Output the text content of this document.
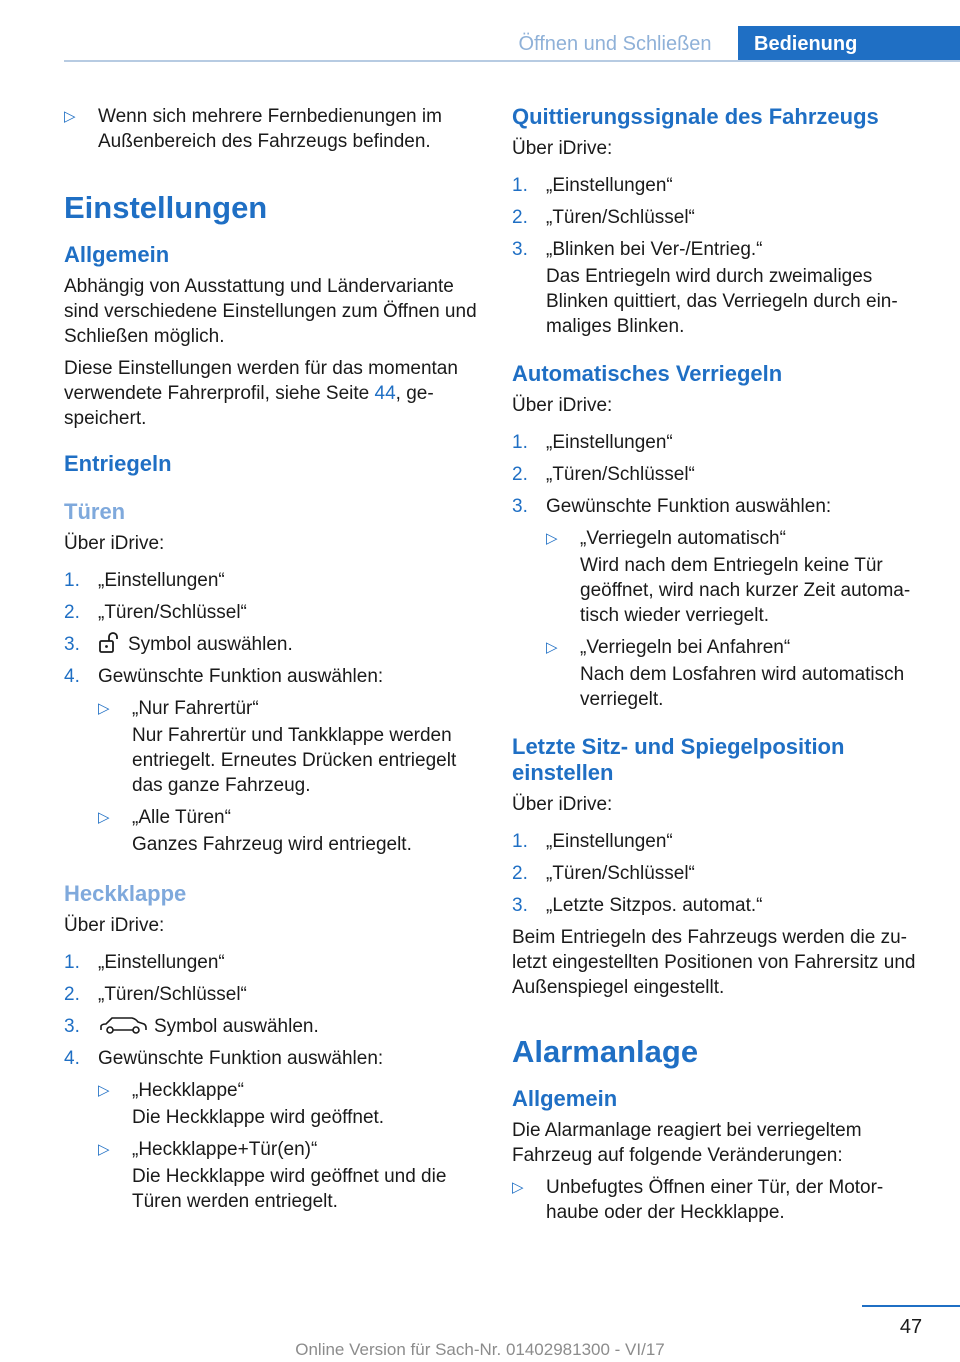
Öffnen und Schließen	Bedienung
▷	Wenn sich mehrere Fernbedienungen im Außenbereich des Fahrzeugs befinden.
Einstellungen
Allgemein

Abhängig von Ausstattung und Ländervariante sind verschiedene Einstellungen zum Öffnen und Schließen möglich.

Diese Einstellungen werden für das momentan verwendete Fahrerprofil, siehe Seite 44, ge‐ speichert.

Entriegeln
Türen

Über iDrive:

1. „Einstellungen“
2. „Türen/Schlüssel“
3.	Symbol auswählen.
4. Gewünschte Funktion auswählen:
▷	„Nur Fahrertür“
Nur Fahrertür und Tankklappe werden entriegelt. Erneutes Drücken entriegelt das ganze Fahrzeug.
▷	„Alle Türen“
Ganzes Fahrzeug wird entriegelt.
Heckklappe

Über iDrive:

1. „Einstellungen“
2. „Türen/Schlüssel“
3.	Symbol auswählen.
4. Gewünschte Funktion auswählen:
▷	„Heckklappe“
Die Heckklappe wird geöffnet.
▷	„Heckklappe+Tür(en)“
Die Heckklappe wird geöffnet und die Türen werden entriegelt.
Quittierungssignale des Fahrzeugs

Über iDrive:

1. „Einstellungen“
2. „Türen/Schlüssel“
3. „Blinken bei Ver-/Entrieg.“
Das Entriegeln wird durch zweimaliges Blinken quittiert, das Verriegeln durch ein‐ maliges Blinken.
Automatisches Verriegeln

Über iDrive:

1. „Einstellungen“
2. „Türen/Schlüssel“
3. Gewünschte Funktion auswählen:
▷	„Verriegeln automatisch“
Wird nach dem Entriegeln keine Tür geöffnet, wird nach kurzer Zeit automa‐ tisch wieder verriegelt.
▷	„Verriegeln bei Anfahren“
Nach dem Losfahren wird automatisch verriegelt.
Letzte Sitz- und Spiegelposition einstellen

Über iDrive:

1. „Einstellungen“
2. „Türen/Schlüssel“
3. „Letzte Sitzpos. automat.“

Beim Entriegeln des Fahrzeugs werden die zu‐ letzt eingestellten Positionen von Fahrersitz und Außenspiegel eingestellt.

Alarmanlage
Allgemein

Die Alarmanlage reagiert bei verriegeltem Fahrzeug auf folgende Veränderungen:

▷	Unbefugtes Öffnen einer Tür, der Motor‐ haube oder der Heckklappe.
47
Online Version für Sach-Nr. 01402981300 - VI/17
